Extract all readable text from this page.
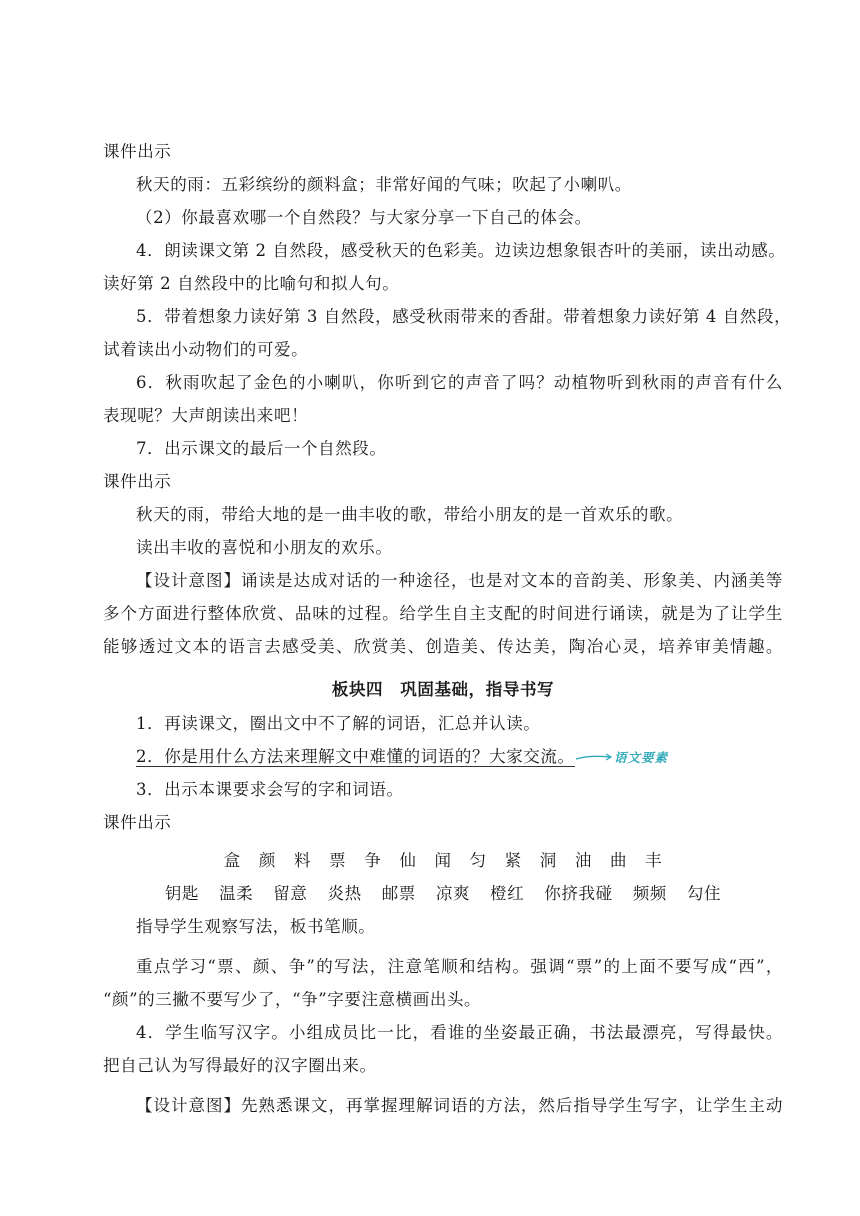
课件出示
秋天的雨：五彩缤纷的颜料盒；非常好闻的气味；吹起了小喇叭。
（2）你最喜欢哪一个自然段？与大家分享一下自己的体会。
4．朗读课文第 2 自然段，感受秋天的色彩美。边读边想象银杏叶的美丽，读出动感。
读好第 2 自然段中的比喻句和拟人句。
5．带着想象力读好第 3 自然段，感受秋雨带来的香甜。带着想象力读好第 4 自然段，
试着读出小动物们的可爱。
6．秋雨吹起了金色的小喇叭，你听到它的声音了吗？动植物听到秋雨的声音有什么
表现呢？大声朗读出来吧！
7．出示课文的最后一个自然段。
课件出示
秋天的雨，带给大地的是一曲丰收的歌，带给小朋友的是一首欢乐的歌。
读出丰收的喜悦和小朋友的欢乐。
【设计意图】诵读是达成对话的一种途径，也是对文本的音韵美、形象美、内涵美等
多个方面进行整体欣赏、品味的过程。给学生自主支配的时间进行诵读，就是为了让学生
能够透过文本的语言去感受美、欣赏美、创造美、传达美，陶冶心灵，培养审美情趣。
板块四　巩固基础，指导书写
1．再读课文，圈出文中不了解的词语，汇总并认读。
2．你是用什么方法来理解文中难懂的词语的？大家交流。	语文要素
3．出示本课要求会写的字和词语。
课件出示
盒 颜 料 票 争 仙 闻 匀 紧 洞 油 曲 丰
钥匙 温柔 留意 炎热 邮票 凉爽 橙红 你挤我碰 频频 勾住
指导学生观察写法，板书笔顺。
重点学习“票、颜、争”的写法，注意笔顺和结构。强调“票”的上面不要写成“西”，
“颜”的三撇不要写少了，“争”字要注意横画出头。
4．学生临写汉字。小组成员比一比，看谁的坐姿最正确，书法最漂亮，写得最快。
把自己认为写得最好的汉字圈出来。
【设计意图】先熟悉课文，再掌握理解词语的方法，然后指导学生写字，让学生主动
